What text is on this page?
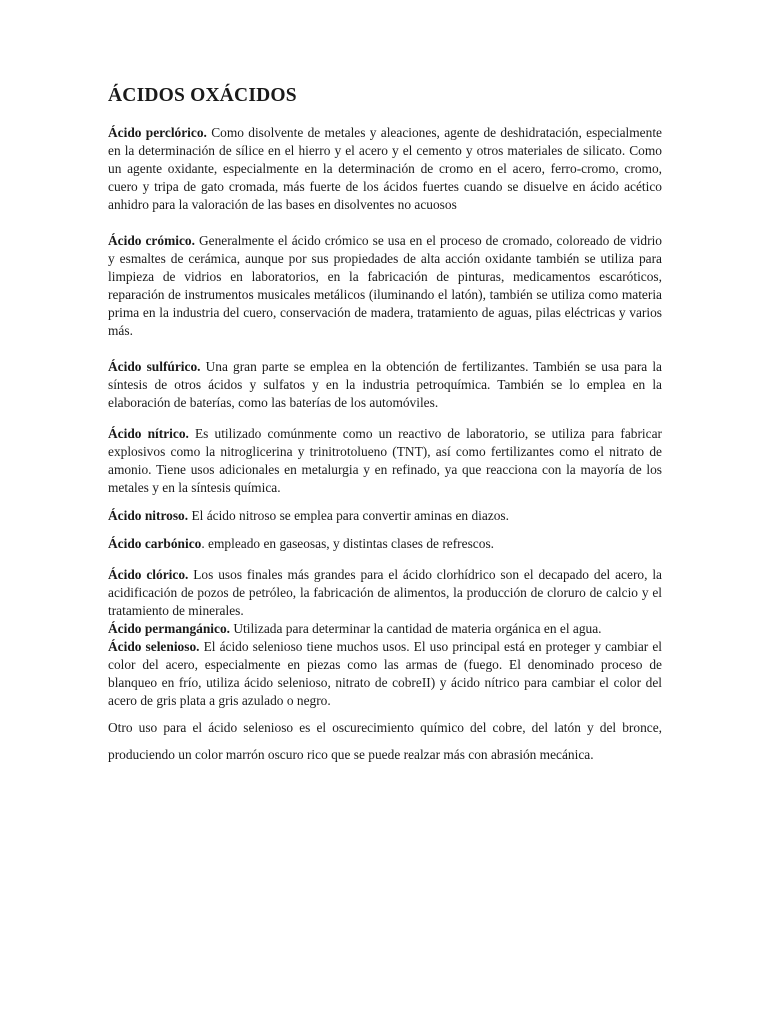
ÁCIDOS OXÁCIDOS

Ácido perclórico. Como disolvente de metales y aleaciones, agente de deshidratación, especialmente en la determinación de sílice en el hierro y el acero y el cemento y otros materiales de silicato. Como un agente oxidante, especialmente en la determinación de cromo en el acero, ferro-cromo, cromo, cuero y tripa de gato cromada, más fuerte de los ácidos fuertes cuando se disuelve en ácido acético anhidro para la valoración de las bases en disolventes no acuosos

Ácido crómico. Generalmente el ácido crómico se usa en el proceso de cromado, coloreado de vidrio y esmaltes de cerámica, aunque por sus propiedades de alta acción oxidante también se utiliza para limpieza de vidrios en laboratorios, en la fabricación de pinturas, medicamentos escaróticos, reparación de instrumentos musicales metálicos (iluminando el latón), también se utiliza como materia prima en la industria del cuero, conservación de madera, tratamiento de aguas, pilas eléctricas y varios más.

Ácido sulfúrico. Una gran parte se emplea en la obtención de fertilizantes. También se usa para la síntesis de otros ácidos y sulfatos y en la industria petroquímica. También se lo emplea en la elaboración de baterías, como las baterías de los automóviles.

Ácido nítrico. Es utilizado comúnmente como un reactivo de laboratorio, se utiliza para fabricar explosivos como la nitroglicerina y trinitrotolueno (TNT), así como fertilizantes como el nitrato de amonio. Tiene usos adicionales en metalurgia y en refinado, ya que reacciona con la mayoría de los metales y en la síntesis química.

Ácido nitroso. El ácido nitroso se emplea para convertir aminas en diazos.

Ácido carbónico. empleado en gaseosas, y distintas clases de refrescos.

Ácido clórico. Los usos finales más grandes para el ácido clorhídrico son el decapado del acero, la acidificación de pozos de petróleo, la fabricación de alimentos, la producción de cloruro de calcio y el tratamiento de minerales.

Ácido permangánico. Utilizada para determinar la cantidad de materia orgánica en el agua.

Ácido selenioso. El ácido selenioso tiene muchos usos. El uso principal está en proteger y cambiar el color del acero, especialmente en piezas como las armas de (fuego. El denominado proceso de blanqueo en frío, utiliza ácido selenioso, nitrato de cobreII) y ácido nítrico para cambiar el color del acero de gris plata a gris azulado o negro.

Otro uso para el ácido selenioso es el oscurecimiento químico del cobre, del latón y del bronce, produciendo un color marrón oscuro rico que se puede realzar más con abrasión mecánica.
